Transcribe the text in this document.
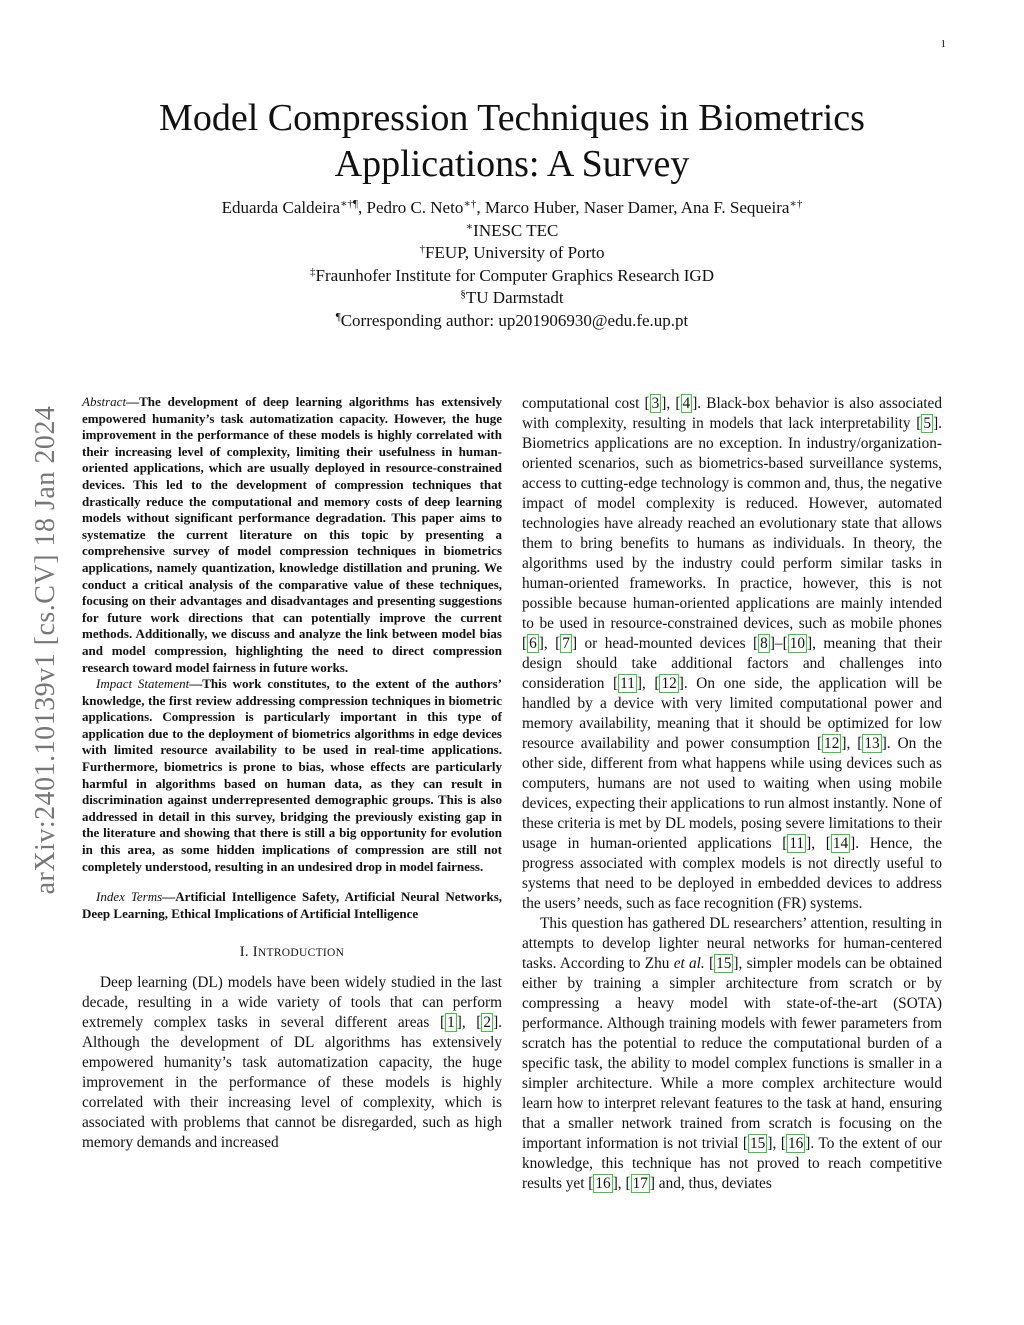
1
arXiv:2401.10139v1 [cs.CV] 18 Jan 2024
Model Compression Techniques in Biometrics Applications: A Survey
Eduarda Caldeira∗†¶, Pedro C. Neto∗†, Marco Huber, Naser Damer, Ana F. Sequeira∗†
∗INESC TEC
†FEUP, University of Porto
‡Fraunhofer Institute for Computer Graphics Research IGD
§TU Darmstadt
¶Corresponding author: up201906930@edu.fe.up.pt

Abstract—The development of deep learning algorithms has extensively empowered humanity’s task automatization capacity. However, the huge improvement in the performance of these models is highly correlated with their increasing level of complexity, limiting their usefulness in human-oriented applications, which are usually deployed in resource-constrained devices. This led to the development of compression techniques that drastically reduce the computational and memory costs of deep learning models without significant performance degradation. This paper aims to systematize the current literature on this topic by presenting a comprehensive survey of model compression techniques in biometrics applications, namely quantization, knowledge distillation and pruning. We conduct a critical analysis of the comparative value of these techniques, focusing on their advantages and disadvantages and presenting suggestions for future work directions that can potentially improve the current methods. Additionally, we discuss and analyze the link between model bias and model compression, highlighting the need to direct compression research toward model fairness in future works.

Impact Statement—This work constitutes, to the extent of the authors’ knowledge, the first review addressing compression techniques in biometric applications. Compression is particularly important in this type of application due to the deployment of biometrics algorithms in edge devices with limited resource availability to be used in real-time applications. Furthermore, biometrics is prone to bias, whose effects are particularly harmful in algorithms based on human data, as they can result in discrimination against underrepresented demographic groups. This is also addressed in detail in this survey, bridging the previously existing gap in the literature and showing that there is still a big opportunity for evolution in this area, as some hidden implications of compression are still not completely understood, resulting in an undesired drop in model fairness.

Index Terms—Artificial Intelligence Safety, Artificial Neural Networks, Deep Learning, Ethical Implications of Artificial Intelligence

I. INTRODUCTION

Deep learning (DL) models have been widely studied in the last decade, resulting in a wide variety of tools that can perform extremely complex tasks in several different areas [ 1 ], [ 2 ]. Although the development of DL algorithms has extensively empowered humanity’s task automatization capacity, the huge improvement in the performance of these models is highly correlated with their increasing level of complexity, which is associated with problems that cannot be disregarded, such as high memory demands and increased

computational cost [ 3 ], [ 4 ]. Black-box behavior is also associated with complexity, resulting in models that lack interpretability [ 5 ]. Biometrics applications are no exception. In industry/organization-oriented scenarios, such as biometrics-based surveillance systems, access to cutting-edge technology is common and, thus, the negative impact of model complexity is reduced. However, automated technologies have already reached an evolutionary state that allows them to bring benefits to humans as individuals. In theory, the algorithms used by the industry could perform similar tasks in human-oriented frameworks. In practice, however, this is not possible because human-oriented applications are mainly intended to be used in resource-constrained devices, such as mobile phones [ 6 ], [ 7 ] or head-mounted devices [ 8 ]–[ 10 ], meaning that their design should take additional factors and challenges into consideration [ 11 ], [ 12 ]. On one side, the application will be handled by a device with very limited computational power and memory availability, meaning that it should be optimized for low resource availability and power consumption [ 12 ], [ 13 ]. On the other side, different from what happens while using devices such as computers, humans are not used to waiting when using mobile devices, expecting their applications to run almost instantly. None of these criteria is met by DL models, posing severe limitations to their usage in human-oriented applications [ 11 ], [ 14 ]. Hence, the progress associated with complex models is not directly useful to systems that need to be deployed in embedded devices to address the users’ needs, such as face recognition (FR) systems.

This question has gathered DL researchers’ attention, resulting in attempts to develop lighter neural networks for human-centered tasks. According to Zhu et al. [ 15 ], simpler models can be obtained either by training a simpler architecture from scratch or by compressing a heavy model with state-of-the-art (SOTA) performance. Although training models with fewer parameters from scratch has the potential to reduce the computational burden of a specific task, the ability to model complex functions is smaller in a simpler architecture. While a more complex architecture would learn how to interpret relevant features to the task at hand, ensuring that a smaller network trained from scratch is focusing on the important information is not trivial [ 15 ], [ 16 ]. To the extent of our knowledge, this technique has not proved to reach competitive results yet [ 16 ], [ 17 ] and, thus, deviates
